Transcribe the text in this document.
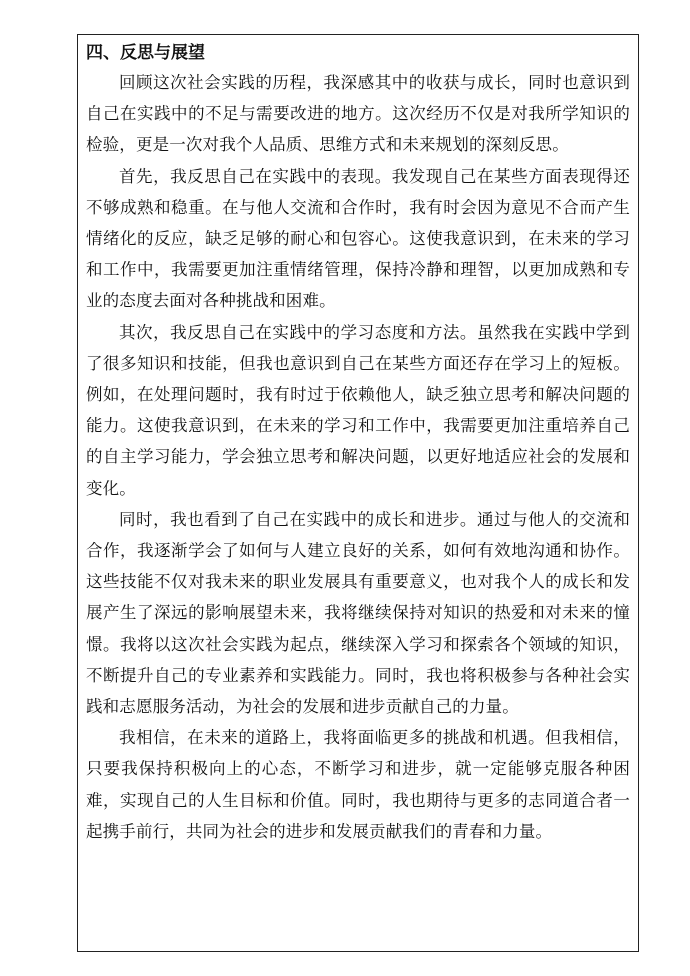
四、反思与展望

回顾这次社会实践的历程，我深感其中的收获与成长，同时也意识到自己在实践中的不足与需要改进的地方。这次经历不仅是对我所学知识的检验，更是一次对我个人品质、思维方式和未来规划的深刻反思。

首先，我反思自己在实践中的表现。我发现自己在某些方面表现得还不够成熟和稳重。在与他人交流和合作时，我有时会因为意见不合而产生情绪化的反应，缺乏足够的耐心和包容心。这使我意识到，在未来的学习和工作中，我需要更加注重情绪管理，保持冷静和理智，以更加成熟和专业的态度去面对各种挑战和困难。

其次，我反思自己在实践中的学习态度和方法。虽然我在实践中学到了很多知识和技能，但我也意识到自己在某些方面还存在学习上的短板。例如，在处理问题时，我有时过于依赖他人，缺乏独立思考和解决问题的能力。这使我意识到，在未来的学习和工作中，我需要更加注重培养自己的自主学习能力，学会独立思考和解决问题，以更好地适应社会的发展和变化。

同时，我也看到了自己在实践中的成长和进步。通过与他人的交流和合作，我逐渐学会了如何与人建立良好的关系，如何有效地沟通和协作。这些技能不仅对我未来的职业发展具有重要意义，也对我个人的成长和发展产生了深远的影响展望未来，我将继续保持对知识的热爱和对未来的憧憬。我将以这次社会实践为起点，继续深入学习和探索各个领域的知识，不断提升自己的专业素养和实践能力。同时，我也将积极参与各种社会实践和志愿服务活动，为社会的发展和进步贡献自己的力量。

我相信，在未来的道路上，我将面临更多的挑战和机遇。但我相信，只要我保持积极向上的心态，不断学习和进步，就一定能够克服各种困难，实现自己的人生目标和价值。同时，我也期待与更多的志同道合者一起携手前行，共同为社会的进步和发展贡献我们的青春和力量。
